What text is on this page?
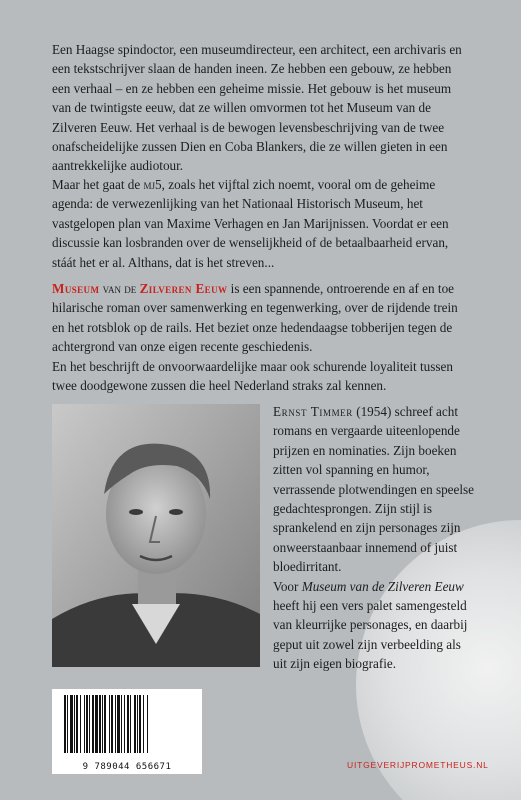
Een Haagse spindoctor, een museumdirecteur, een architect, een archivaris en een tekstschrijver slaan de handen ineen. Ze hebben een gebouw, ze hebben een verhaal – en ze hebben een geheime missie. Het gebouw is het museum van de twintigste eeuw, dat ze willen omvormen tot het Museum van de Zilveren Eeuw. Het verhaal is de bewogen levensbeschrijving van de twee onafscheidelijke zussen Dien en Coba Blankers, die ze willen gieten in een aantrekkelijke audiotour.

Maar het gaat de mj5, zoals het vijftal zich noemt, vooral om de geheime agenda: de verwezenlijking van het Nationaal Historisch Museum, het vastgelopen plan van Maxime Verhagen en Jan Marijnissen. Voordat er een discussie kan losbranden over de wenselijkheid of de betaalbaarheid ervan, stáát het er al. Althans, dat is het streven...

Museum van de Zilveren Eeuw is een spannende, ontroerende en af en toe hilarische roman over samenwerking en tegenwerking, over de rijdende trein en het rotsblok op de rails. Het beziet onze hedendaagse tobberijen tegen de achtergrond van onze eigen recente geschiedenis.
En het beschrijft de onvoorwaardelijke maar ook schurende loyaliteit tussen twee doodgewone zussen die heel Nederland straks zal kennen.

Ernst Timmer (1954) schreef acht romans en vergaarde uiteenlopende prijzen en nominaties. Zijn boeken zitten vol spanning en humor, verrassende plotwendingen en speelse gedachtesprongen. Zijn stijl is sprankelend en zijn personages zijn onweerstaanbaar innemend of juist bloedirritant.
Voor Museum van de Zilveren Eeuw heeft hij een vers palet samengesteld van kleurrijke personages, en daarbij geput uit zowel zijn verbeelding als uit zijn eigen biografie.

9 789044 656671	UITGEVERIJPROMETHEUS.NL
